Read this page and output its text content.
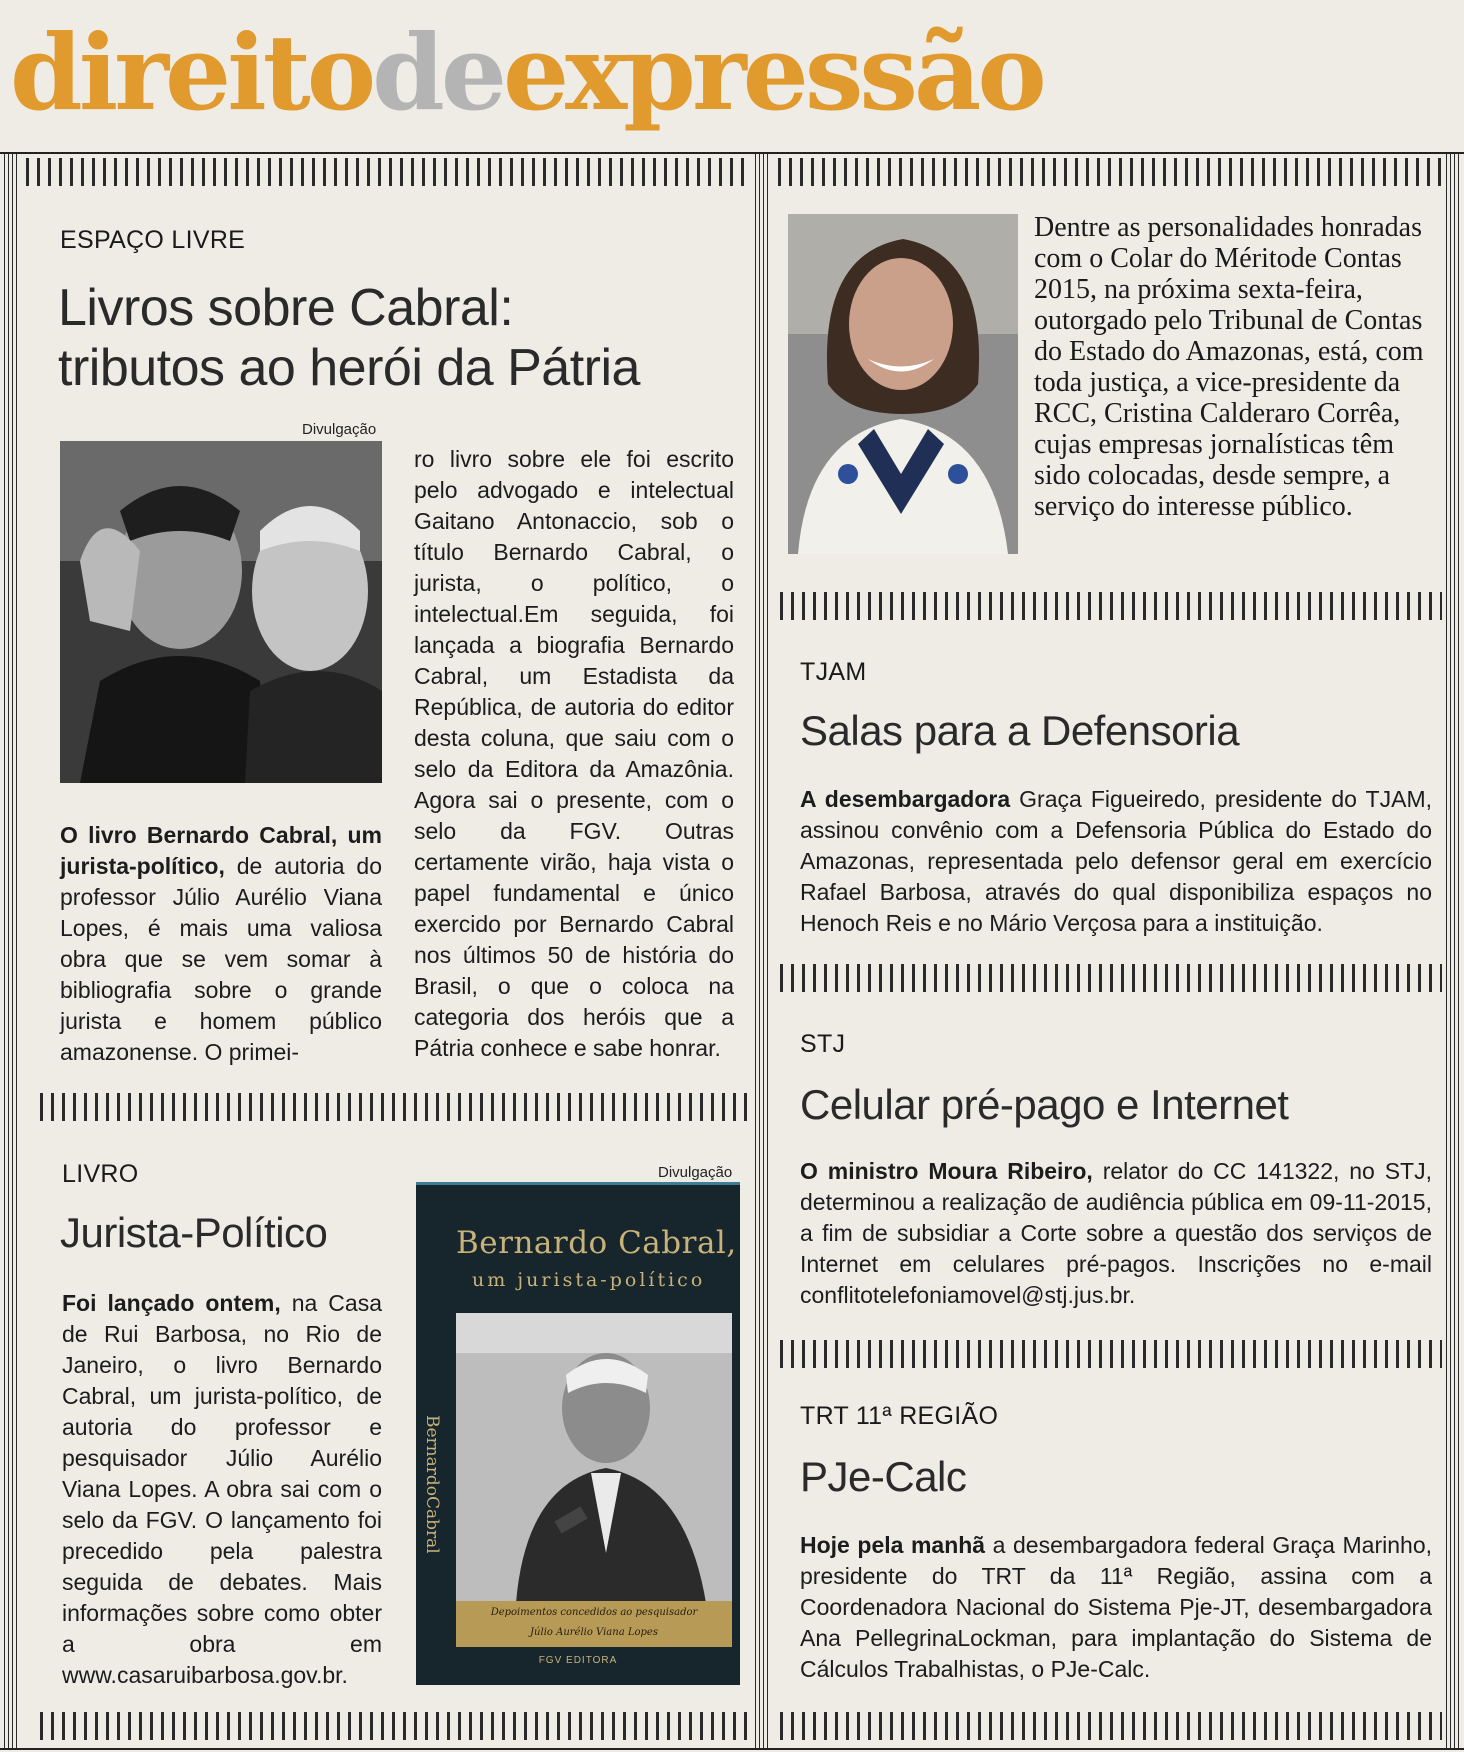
direitodeexpressão
ESPAÇO LIVRE
Livros sobre Cabral:
tributos ao herói da Pátria
Divulgação

O livro Bernardo Cabral, um jurista-político, de autoria do professor Júlio Aurélio Viana Lopes, é mais uma valiosa obra que se vem somar à bibliografia sobre o grande jurista e homem público amazonense. O primei-

ro livro sobre ele foi escrito pelo advogado e intelectual Gaitano Antonaccio, sob o título Bernardo Cabral, o jurista, o político, o intelectual.Em seguida, foi lançada a biografia Bernardo Cabral, um Estadista da República, de autoria do editor desta coluna, que saiu com o selo da Editora da Amazônia. Agora sai o presente, com o selo da FGV. Outras certamente virão, haja vista o papel fundamental e único exercido por Bernardo Cabral nos últimos 50 de história do Brasil, o que o coloca na categoria dos heróis que a Pátria conhece e sabe honrar.

LIVRO
Jurista-Político

Foi lançado ontem, na Casa de Rui Barbosa, no Rio de Janeiro, o livro Bernardo Cabral, um jurista-político, de autoria do professor e pesquisador Júlio Aurélio Viana Lopes. A obra sai com o selo da FGV. O lançamento foi precedido pela palestra seguida de debates. Mais informações sobre como obter a obra em www.casaruibarbosa.gov.br.

Divulgação
Bernardo Cabral,
um jurista-político
BernardoCabral
Depoimentos concedidos ao pesquisador
Júlio Aurélio Viana Lopes
FGV EDITORA

Dentre as personalidades honradas com o Colar do Méritode Contas 2015, na próxima sexta-feira, outorgado pelo Tribunal de Contas do Estado do Amazonas, está, com toda justiça, a vice-presidente da RCC, Cristina Calderaro Corrêa, cujas empresas jornalísticas têm sido colocadas, desde sempre, a serviço do interesse público.

TJAM
Salas para a Defensoria

A desembargadora Graça Figueiredo, presidente do TJAM, assinou convênio com a Defensoria Pública do Estado do Amazonas, representada pelo defensor geral em exercício Rafael Barbosa, através do qual disponibiliza espaços no Henoch Reis e no Mário Verçosa para a instituição.

STJ
Celular pré-pago e Internet

O ministro Moura Ribeiro, relator do CC 141322, no STJ, determinou a realização de audiência pública em 09-11-2015, a fim de subsidiar a Corte sobre a questão dos serviços de Internet em celulares pré-pagos. Inscrições no e-mail conflitotelefoniamovel@stj.jus.br.

TRT 11ª REGIÃO
PJe-Calc

Hoje pela manhã a desembargadora federal Graça Marinho, presidente do TRT da 11ª Região, assina com a Coordenadora Nacional do Sistema Pje-JT, desembargadora Ana PellegrinaLockman, para implantação do Sistema de Cálculos Trabalhistas, o PJe-Calc.
